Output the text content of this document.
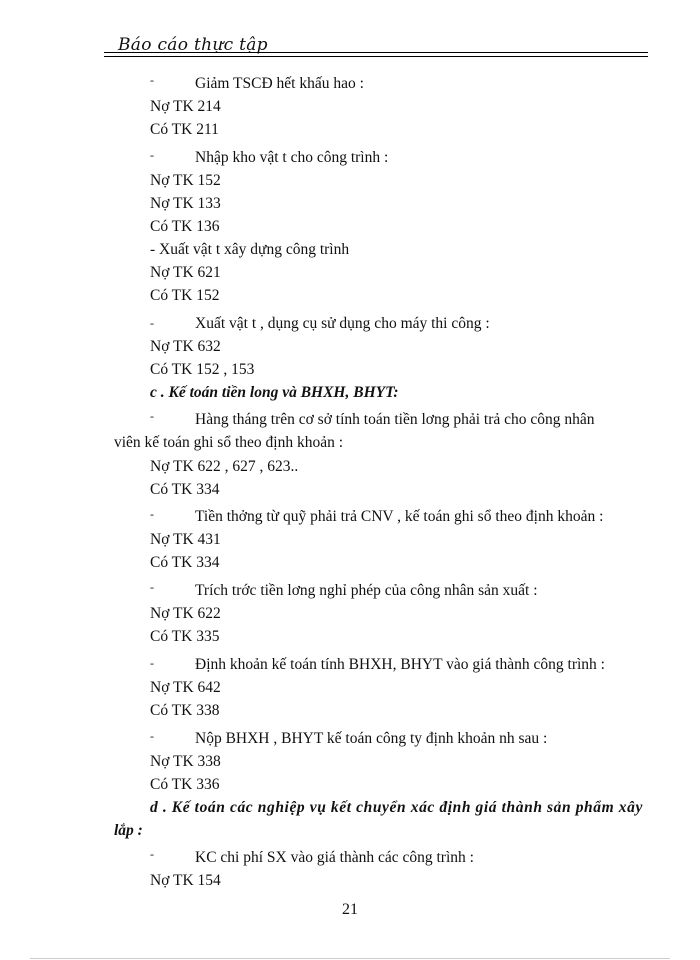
Báo cáo thực tập
-
-
-
-
-
-
-
-
-
Giảm TSCĐ hết khấu hao :
Nợ TK 214
Có TK 211
Nhập kho vật t cho công trình :
Nợ TK 152
Nợ TK 133
Có TK 136
- Xuất vật t xây dựng công trình
Nợ TK 621
Có TK 152
Xuất vật t , dụng cụ sử dụng cho máy thi công :
Nợ TK 632
Có TK 152 , 153
c . Kế toán tiền long và BHXH, BHYT:
Hàng tháng trên cơ sở tính toán tiền lơng phải trả cho công nhân
viên kế toán ghi sổ theo định khoản :
Nợ TK 622 , 627 , 623..
Có TK 334
Tiền thởng từ quỹ phải trả CNV , kế toán ghi sổ theo định khoản :
Nợ TK 431
Có TK 334
Trích trớc tiền lơng nghỉ phép của công nhân sản xuất :
Nợ TK 622
Có TK 335
Định khoản kế toán tính BHXH, BHYT vào giá thành công trình :
Nợ TK 642
Có TK 338
Nộp BHXH , BHYT kế toán công ty định khoản nh sau :
Nợ TK 338
Có TK 336
d . Kế toán các nghiệp vụ kết chuyển xác định giá thành sản phẩm xây
lắp :
KC chi phí SX vào giá thành các công trình :
Nợ TK 154
21
